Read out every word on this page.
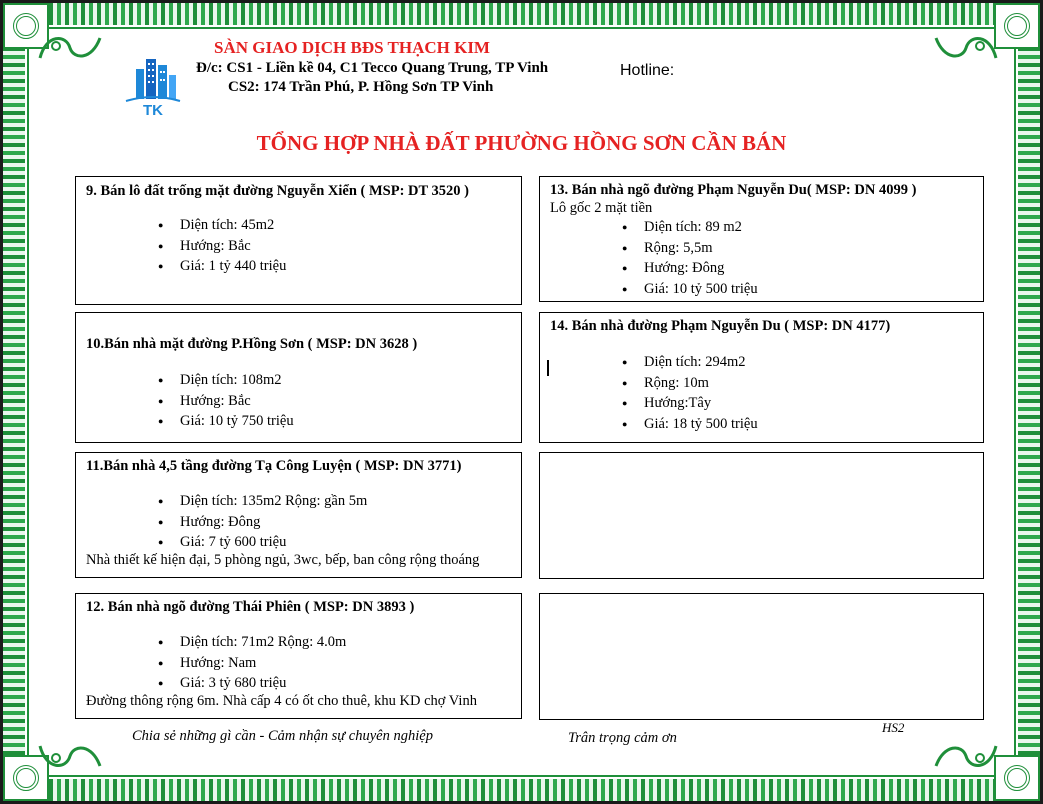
TK
SÀN GIAO DỊCH BĐS THẠCH KIM
Đ/c: CS1 - Liền kề 04, C1 Tecco Quang Trung, TP Vinh
CS2: 174 Trần Phú, P. Hồng Sơn TP Vinh
Hotline:
TỔNG HỢP NHÀ ĐẤT PHƯỜNG HỒNG SƠN CẦN BÁN
9. Bán lô đất trống mặt đường Nguyễn Xiển ( MSP: DT 3520 )
● Diện tích: 45m2
● Hướng: Bắc
● Giá: 1 tỷ 440 triệu
10.Bán nhà mặt đường P.Hồng Sơn ( MSP: DN 3628 )
● Diện tích: 108m2
● Hướng: Bắc
● Giá: 10 tỷ 750 triệu
11.Bán nhà 4,5 tầng đường Tạ Công Luyện ( MSP: DN 3771)
● Diện tích: 135m2 Rộng: gần 5m
● Hướng: Đông
● Giá: 7 tỷ 600 triệu
Nhà thiết kế hiện đại, 5 phòng ngủ, 3wc, bếp, ban công rộng thoáng
12. Bán nhà ngõ đường Thái Phiên ( MSP: DN 3893 )
● Diện tích: 71m2 Rộng: 4.0m
● Hướng: Nam
● Giá: 3 tỷ 680 triệu
Đường thông rộng 6m. Nhà cấp 4 có ốt cho thuê, khu KD chợ Vinh
13. Bán nhà ngõ đường Phạm Nguyễn Du( MSP: DN 4099 )
Lô gốc 2 mặt tiền
● Diện tích: 89 m2
● Rộng: 5,5m
● Hướng: Đông
● Giá: 10 tỷ 500 triệu
14. Bán nhà đường Phạm Nguyễn Du ( MSP: DN 4177)
● Diện tích: 294m2
● Rộng: 10m
● Hướng:Tây
● Giá: 18 tỷ 500 triệu
Chia sẻ những gì cần - Cảm nhận sự chuyên nghiệp	Trân trọng cảm ơn
HS2
